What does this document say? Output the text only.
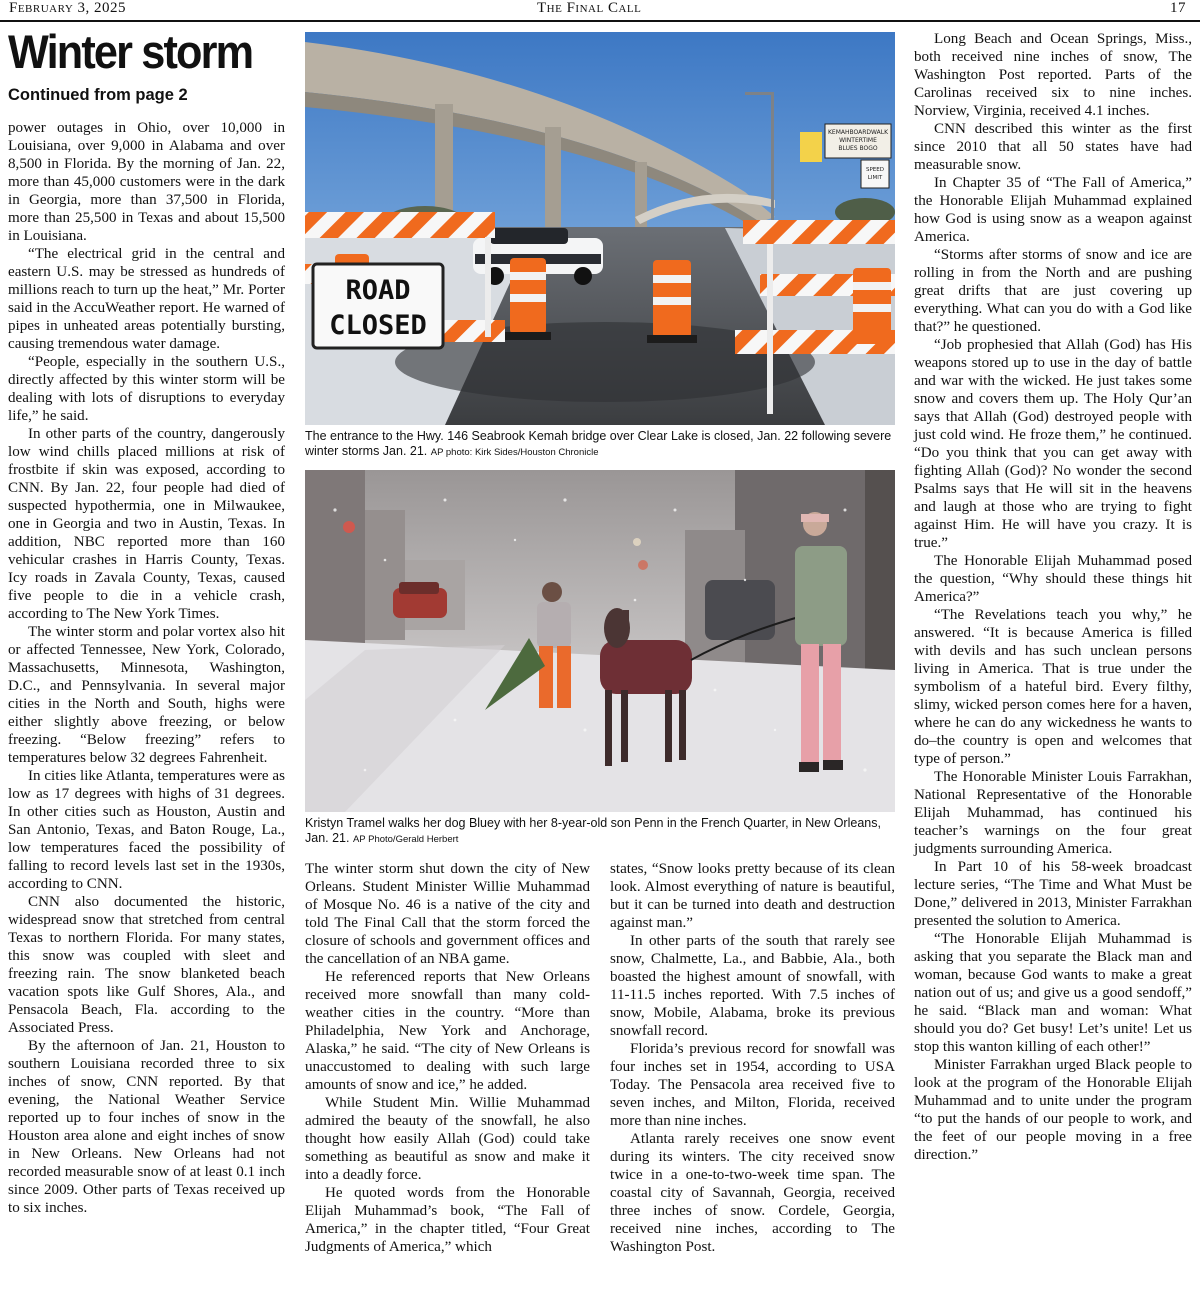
February 3, 2025	The Final Call	17
Winter storm
Continued from page 2

power outages in Ohio, over 10,000 in Louisiana, over 9,000 in Alabama and over 8,500 in Florida. By the morning of Jan. 22, more than 45,000 customers were in the dark in Georgia, more than 37,500 in Florida, more than 25,500 in Texas and about 15,500 in Louisiana.

“The electrical grid in the central and eastern U.S. may be stressed as hundreds of millions reach to turn up the heat,” Mr. Porter said in the AccuWeather report. He warned of pipes in unheated areas potentially bursting, causing tremendous water damage.

“People, especially in the southern U.S., directly affected by this winter storm will be dealing with lots of disruptions to everyday life,” he said.

In other parts of the country, dangerously low wind chills placed millions at risk of frostbite if skin was exposed, according to CNN. By Jan. 22, four people had died of suspected hypothermia, one in Milwaukee, one in Georgia and two in Austin, Texas. In addition, NBC reported more than 160 vehicular crashes in Harris County, Texas. Icy roads in Zavala County, Texas, caused five people to die in a vehicle crash, according to The New York Times.

The winter storm and polar vortex also hit or affected Tennessee, New York, Colorado, Massachusetts, Minnesota, Washington, D.C., and Pennsylvania. In several major cities in the North and South, highs were either slightly above freezing, or below freezing. “Below freezing” refers to temperatures below 32 degrees Fahrenheit.

In cities like Atlanta, temperatures were as low as 17 degrees with highs of 31 degrees. In other cities such as Houston, Austin and San Antonio, Texas, and Baton Rouge, La., low temperatures faced the possibility of falling to record levels last set in the 1930s, according to CNN.

CNN also documented the historic, widespread snow that stretched from central Texas to northern Florida. For many states, this snow was coupled with sleet and freezing rain. The snow blanketed beach vacation spots like Gulf Shores, Ala., and Pensacola Beach, Fla. according to the Associated Press.

By the afternoon of Jan. 21, Houston to southern Louisiana recorded three to six inches of snow, CNN reported. By that evening, the National Weather Service reported up to four inches of snow in the Houston area alone and eight inches of snow in New Orleans. New Orleans had not recorded measurable snow of at least 0.1 inch since 2009. Other parts of Texas received up to six inches.

KEMAHBOARDWALK
WINTERTIME
BLUES BOGO
SPEED
LIMIT
ROAD
CLOSED
The entrance to the Hwy. 146 Seabrook Kemah bridge over Clear Lake is closed, Jan. 22 following severe winter storms Jan. 21. AP photo: Kirk Sides/Houston Chronicle
Kristyn Tramel walks her dog Bluey with her 8-year-old son Penn in the French Quarter, in New Orleans, Jan. 21. AP Photo/Gerald Herbert

The winter storm shut down the city of New Orleans. Student Minister Willie Muhammad of Mosque No. 46 is a native of the city and told The Final Call that the storm forced the closure of schools and government offices and the cancellation of an NBA game.

He referenced reports that New Orleans received more snowfall than many cold-weather cities in the country. “More than Philadelphia, New York and Anchorage, Alaska,” he said. “The city of New Orleans is unaccustomed to dealing with such large amounts of snow and ice,” he added.

While Student Min. Willie Muhammad admired the beauty of the snowfall, he also thought how easily Allah (God) could take something as beautiful as snow and make it into a deadly force.

He quoted words from the Honorable Elijah Muhammad’s book, “The Fall of America,” in the chapter titled, “Four Great Judgments of America,” which

states, “Snow looks pretty because of its clean look. Almost everything of nature is beautiful, but it can be turned into death and destruction against man.”

In other parts of the south that rarely see snow, Chalmette, La., and Babbie, Ala., both boasted the highest amount of snowfall, with 11-11.5 inches reported. With 7.5 inches of snow, Mobile, Alabama, broke its previous snowfall record.

Florida’s previous record for snowfall was four inches set in 1954, according to USA Today. The Pensacola area received five to seven inches, and Milton, Florida, received more than nine inches.

Atlanta rarely receives one snow event during its winters. The city received snow twice in a one-to-two-week time span. The coastal city of Savannah, Georgia, received three inches of snow. Cordele, Georgia, received nine inches, according to The Washington Post.

Long Beach and Ocean Springs, Miss., both received nine inches of snow, The Washington Post reported. Parts of the Carolinas received six to nine inches. Norview, Virginia, received 4.1 inches.

CNN described this winter as the first since 2010 that all 50 states have had measurable snow.

In Chapter 35 of “The Fall of America,” the Honorable Elijah Muhammad explained how God is using snow as a weapon against America.

“Storms after storms of snow and ice are rolling in from the North and are pushing great drifts that are just covering up everything. What can you do with a God like that?” he questioned.

“Job prophesied that Allah (God) has His weapons stored up to use in the day of battle and war with the wicked. He just takes some snow and covers them up. The Holy Qur’an says that Allah (God) destroyed people with just cold wind. He froze them,” he continued. “Do you think that you can get away with fighting Allah (God)? No wonder the second Psalms says that He will sit in the heavens and laugh at those who are trying to fight against Him. He will have you crazy. It is true.”

The Honorable Elijah Muhammad posed the question, “Why should these things hit America?”

“The Revelations teach you why,” he answered. “It is because America is filled with devils and has such unclean persons living in America. That is true under the symbolism of a hateful bird. Every filthy, slimy, wicked person comes here for a haven, where he can do any wickedness he wants to do–the country is open and welcomes that type of person.”

The Honorable Minister Louis Farrakhan, National Representative of the Honorable Elijah Muhammad, has continued his teacher’s warnings on the four great judgments surrounding America.

In Part 10 of his 58-week broadcast lecture series, “The Time and What Must be Done,” delivered in 2013, Minister Farrakhan presented the solution to America.

“The Honorable Elijah Muhammad is asking that you separate the Black man and woman, because God wants to make a great nation out of us; and give us a good sendoff,” he said. “Black man and woman: What should you do? Get busy! Let’s unite! Let us stop this wanton killing of each other!”

Minister Farrakhan urged Black people to look at the program of the Honorable Elijah Muhammad and to unite under the program “to put the hands of our people to work, and the feet of our people moving in a free direction.”
